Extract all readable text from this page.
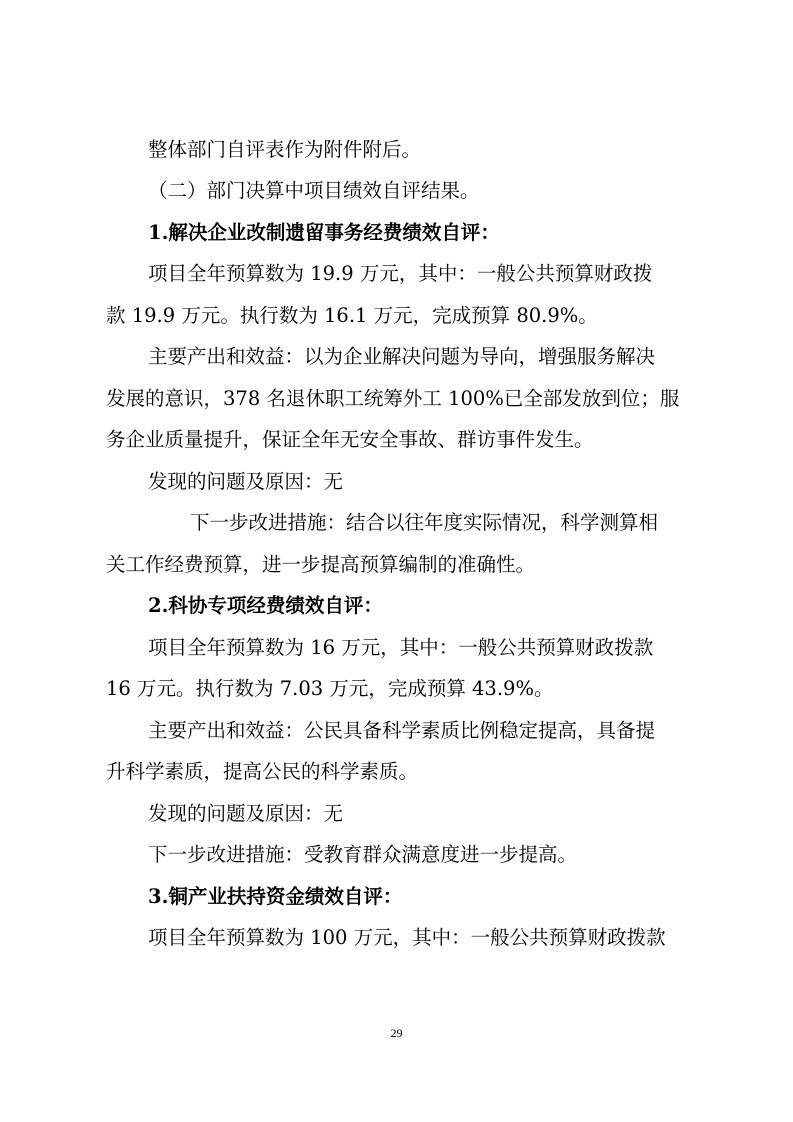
整体部门自评表作为附件附后。
（二）部门决算中项目绩效自评结果。
1.解决企业改制遗留事务经费绩效自评：
项目全年预算数为 19.9 万元，其中：一般公共预算财政拨
款 19.9 万元。执行数为 16.1 万元，完成预算 80.9%。
主要产出和效益：以为企业解决问题为导向，增强服务解决
发展的意识，378 名退休职工统筹外工 100%已全部发放到位；服
务企业质量提升，保证全年无安全事故、群访事件发生。
发现的问题及原因：无
下一步改进措施：结合以往年度实际情况，科学测算相
关工作经费预算，进一步提高预算编制的准确性。
2.科协专项经费绩效自评：
项目全年预算数为 16 万元，其中：一般公共预算财政拨款
16 万元。执行数为 7.03 万元，完成预算 43.9%。
主要产出和效益：公民具备科学素质比例稳定提高，具备提
升科学素质，提高公民的科学素质。
发现的问题及原因：无
下一步改进措施：受教育群众满意度进一步提高。
3.铜产业扶持资金绩效自评：
项目全年预算数为 100 万元，其中：一般公共预算财政拨款
29
